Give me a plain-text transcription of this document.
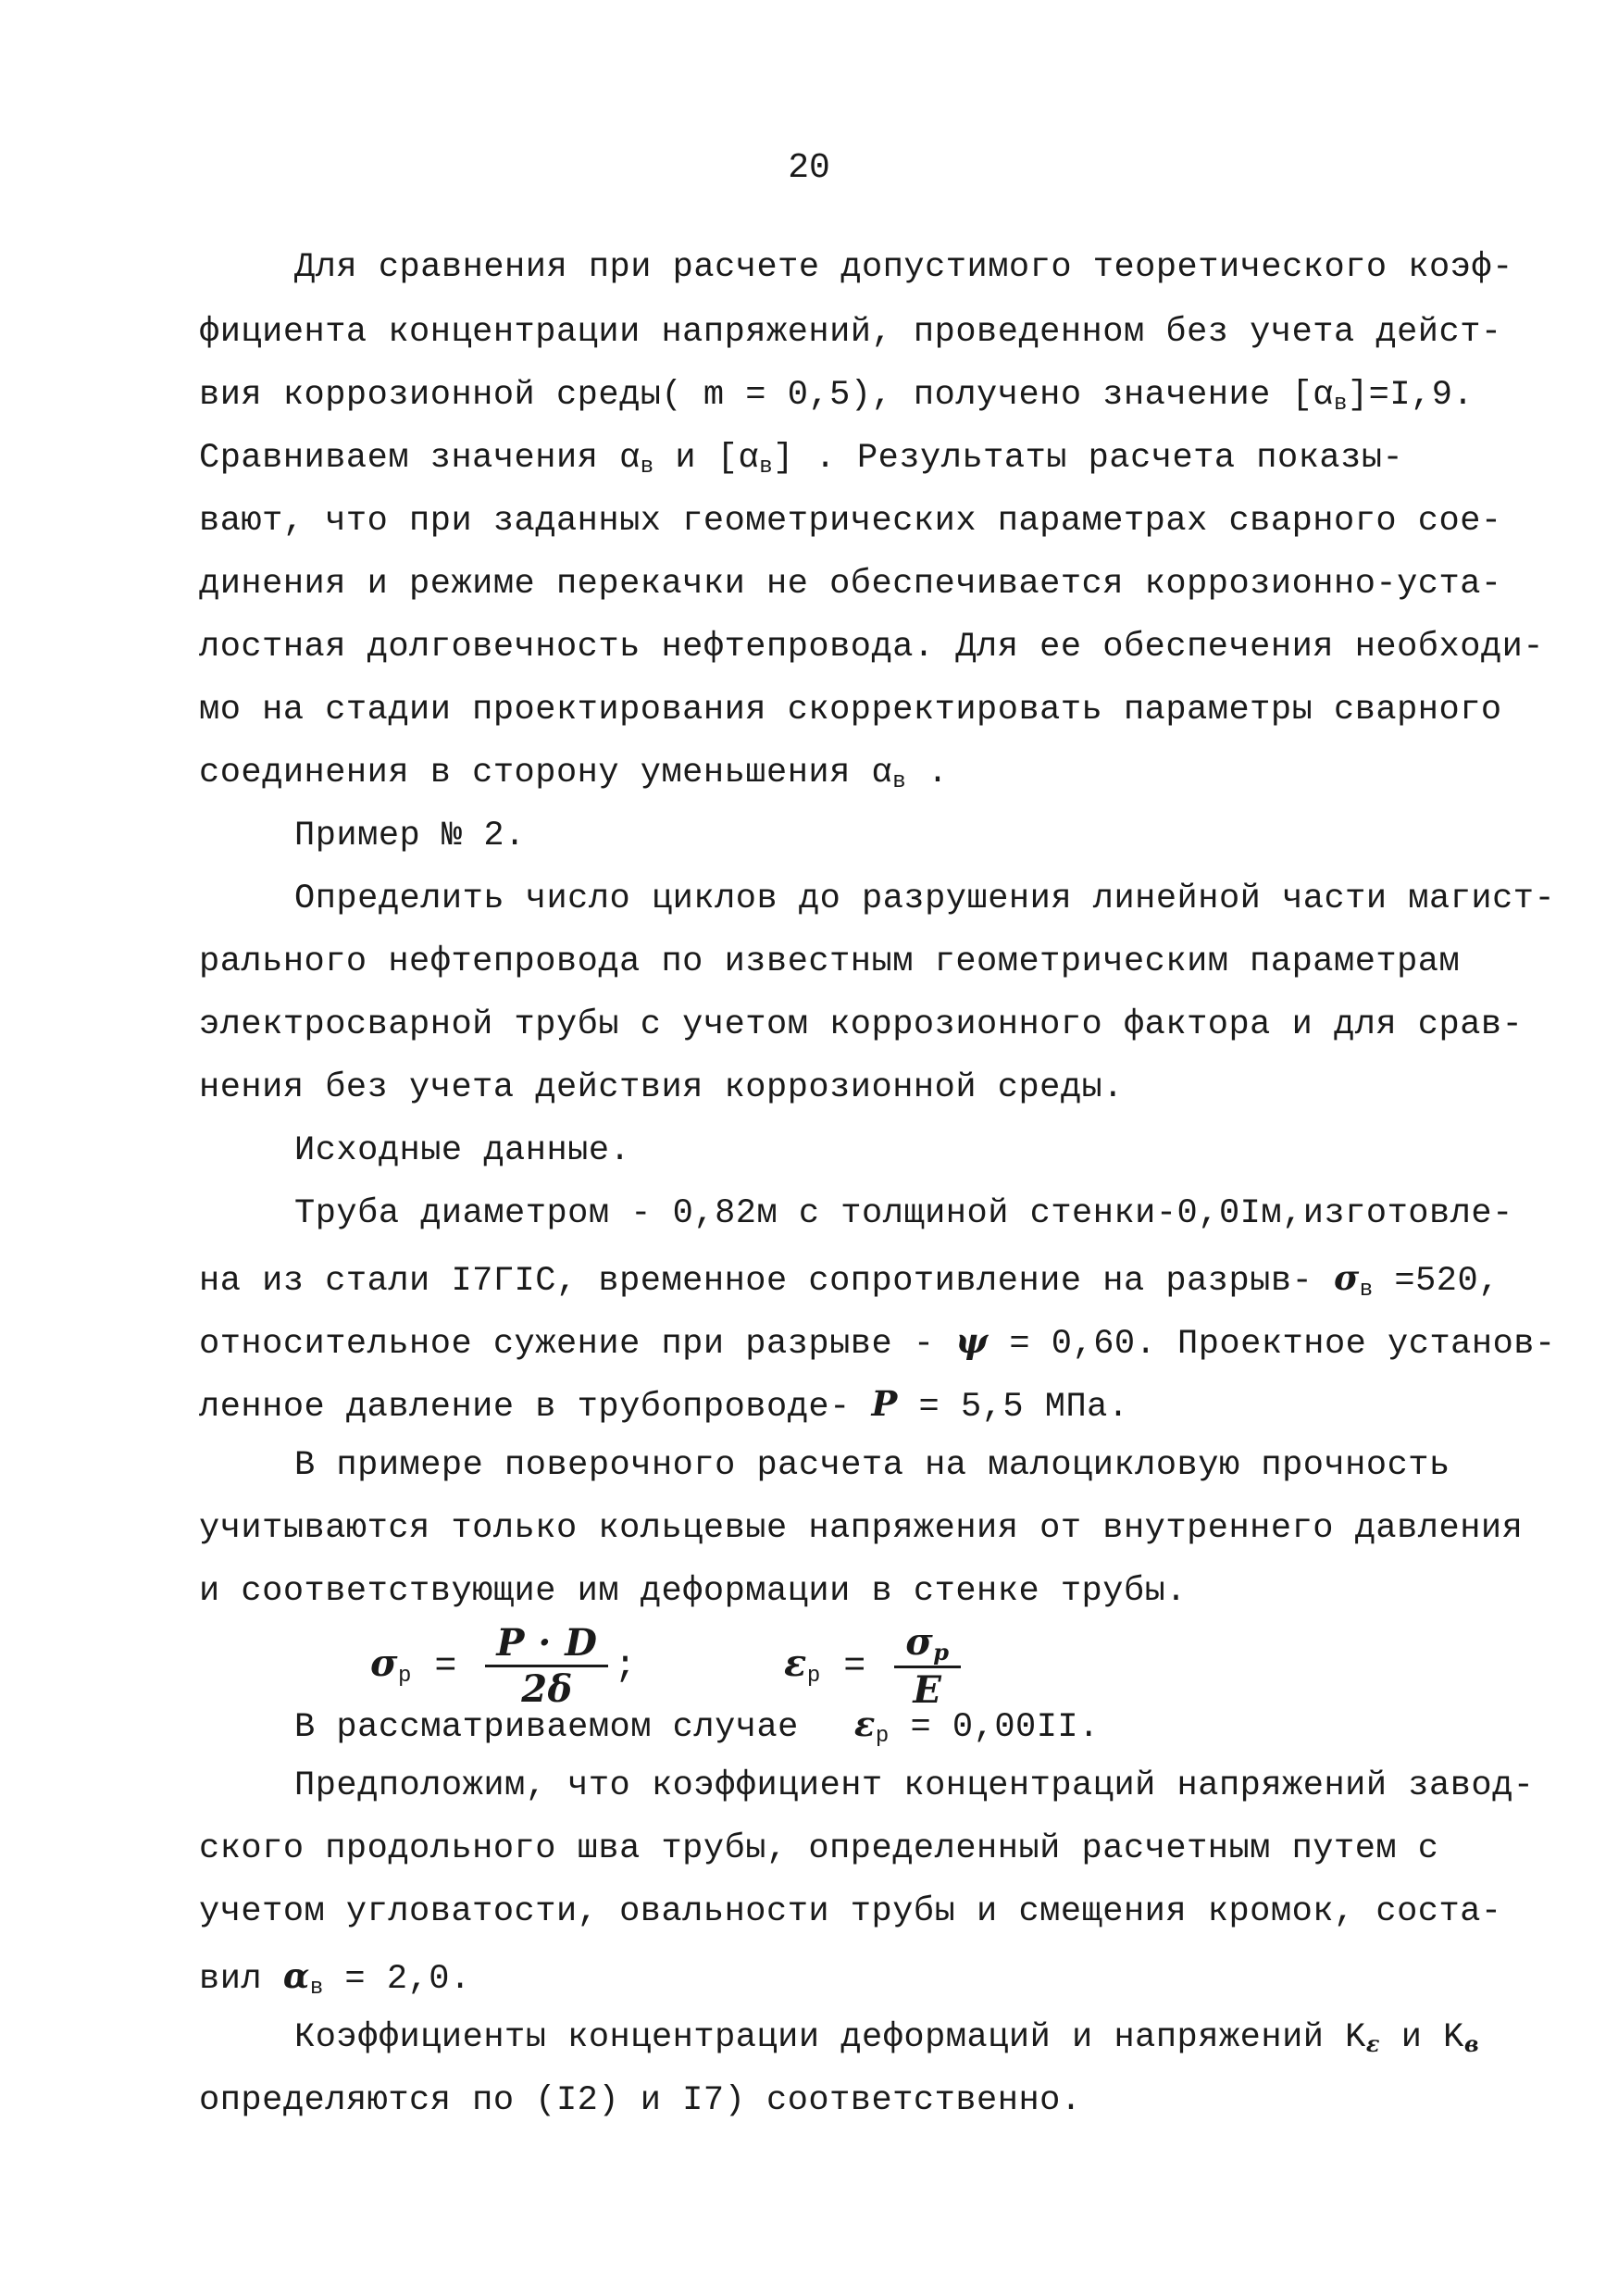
20
Для сравнения при расчете допустимого теоретического коэф-
фициента концентрации напряжений, проведенном без учета дейст-
вия коррозионной среды( m = 0,5), получено значение $[\alpha_в]=I,9$.
Сравниваем значения $\alpha_в$ и $[\alpha_в]$ . Результаты расчета показы-
вают, что при заданных геометрических параметрах сварного сое-
динения и режиме перекачки не обеспечивается коррозионно-уста-
лостная долговечность нефтепровода. Для ее обеспечения необходи-
мо на стадии проектирования скорректировать параметры сварного
соединения в сторону уменьшения $\alpha_в$ .
Пример № 2.
Определить число циклов до разрушения линейной части магист-
рального нефтепровода по известным геометрическим параметрам
электросварной трубы с учетом коррозионного фактора и для срав-
нения без учета действия коррозионной среды.
Исходные данные.
Труба диаметром - 0,82м с толщиной стенки-0,0Iм,изготовле-
на из стали I7ГIС, временное сопротивление на разрыв- $\sigma_в =520$,
относительное сужение при разрыве - ψ = 0,60. Проектное установ-
ленное давление в трубопроводе- P = 5,5 МПа.
В примере поверочного расчета на малоцикловую прочность
учитываются только кольцевые напряжения от внутреннего давления
и соответствующие им деформации в стенке трубы.
$\sigma_p = \frac{P \cdot D}{2\delta}$ ;	$\varepsilon_p = \frac{\sigma_p}{E}$
В рассматриваемом случае $\varepsilon_p = 0,00II$.
Предположим, что коэффициент концентраций напряжений завод-
ского продольного шва трубы, определенный расчетным путем с
учетом угловатости, овальности трубы и смещения кромок, соста-
вил $\alpha_в = 2,0$.
Коэффициенты концентрации деформаций и напряжений $K_\varepsilon$ и $K_в$
определяются по (I2) и I7) соответственно.
